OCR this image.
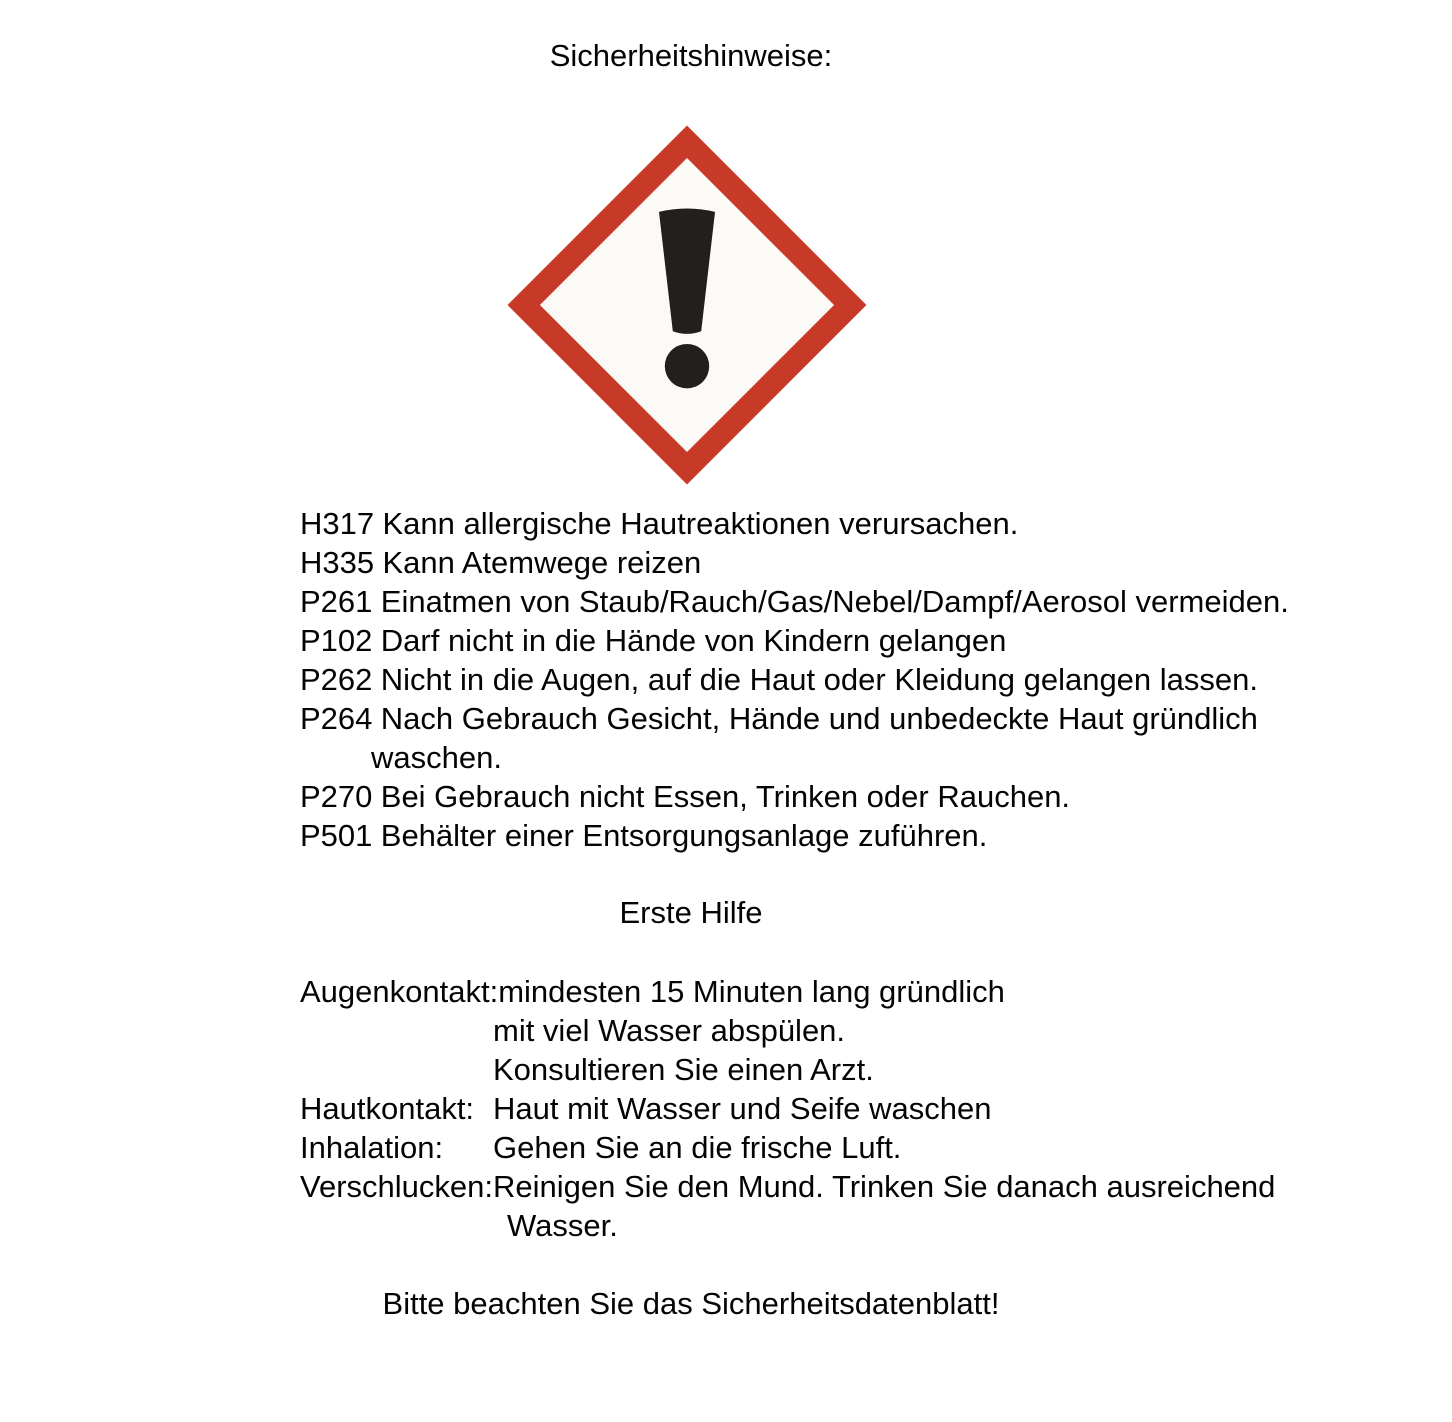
Sicherheitshinweise:
H317 Kann allergische Hautreaktionen verursachen.
H335 Kann Atemwege reizen
P261 Einatmen von Staub/Rauch/Gas/Nebel/Dampf/Aerosol vermeiden.
P102 Darf nicht in die Hände von Kindern gelangen
P262 Nicht in die Augen, auf die Haut oder Kleidung gelangen lassen.
P264 Nach Gebrauch Gesicht, Hände und unbedeckte Haut gründlich
waschen.
P270 Bei Gebrauch nicht Essen, Trinken oder Rauchen.
P501 Behälter einer Entsorgungsanlage zuführen.
Erste Hilfe
Augenkontakt: mindesten 15 Minuten lang gründlich
mit viel Wasser abspülen.
Konsultieren Sie einen Arzt.
Hautkontakt: Haut mit Wasser und Seife waschen
Inhalation:	Gehen Sie an die frische Luft.
Verschlucken: Reinigen Sie den Mund. Trinken Sie danach ausreichend
Wasser.
Bitte beachten Sie das Sicherheitsdatenblatt!
